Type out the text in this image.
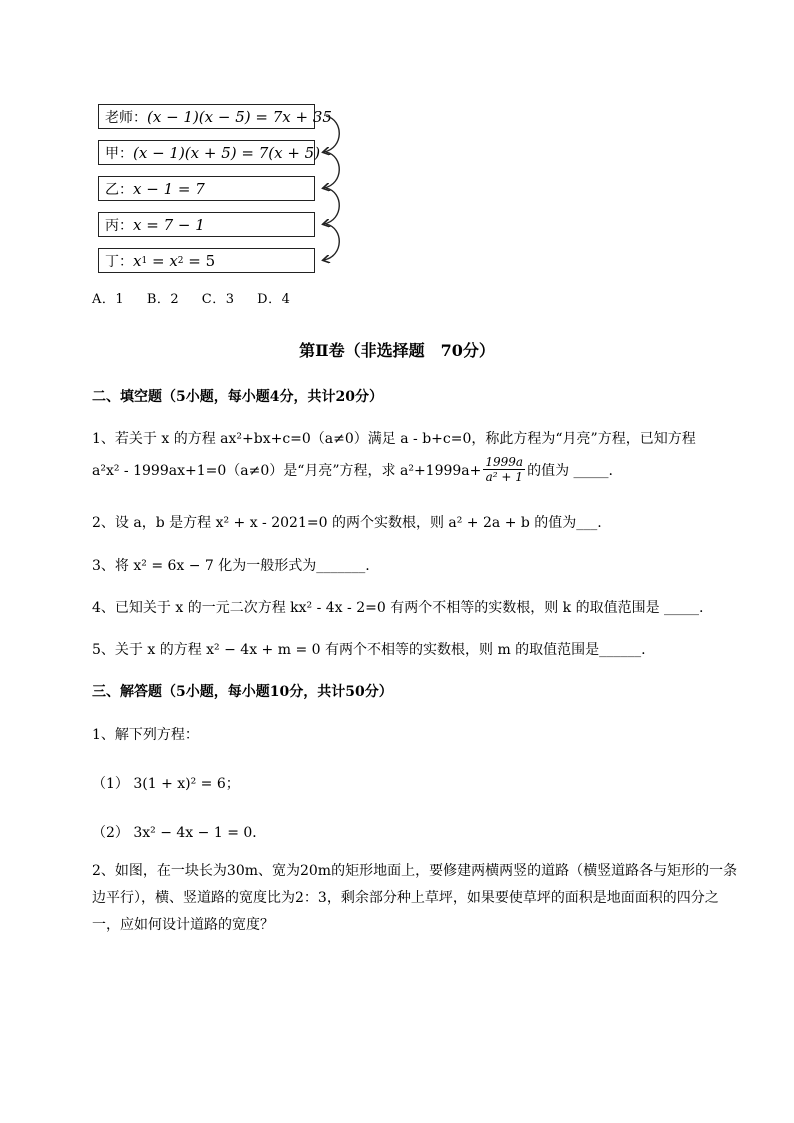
老师： (x − 1)(x − 5) = 7x + 35
甲： (x − 1)(x + 5) = 7(x + 5)
乙： x − 1 = 7
丙： x = 7 − 1
丁： x 1 = x 2 = 5
A．1 B．2 C．3 D．4
第Ⅱ卷（非选择题　70分）
二、填空题（5小题，每小题4分，共计20分）
1、若关于 x 的方程 ax²+bx+c=0（a≠0）满足 a - b+c=0，称此方程为“月亮”方程，已知方程
a²x² - 1999ax+1=0（a≠0）是“月亮”方程，求 $a^2+1999a+ \frac{1999a}{\text{a² + 1}}$ 的值为 _____.
2、设 a，b 是方程 x² + x - 2021=0 的两个实数根，则 a² + 2a + b 的值为___.
3、将 x² = 6x − 7 化为一般形式为_______.
4、已知关于 x 的一元二次方程 kx² - 4x - 2=0 有两个不相等的实数根，则 k 的取值范围是 _____.
5、关于 x 的方程 x² − 4x + m = 0 有两个不相等的实数根，则 m 的取值范围是______.
三、解答题（5小题，每小题10分，共计50分）
1、解下列方程：
（1） 3(1 + x)² = 6；
（2） 3x² − 4x − 1 = 0．
2、如图，在一块长为30m、宽为20m的矩形地面上，要修建两横两竖的道路（横竖道路各与矩形的一条边平行），横、竖道路的宽度比为2：3，剩余部分种上草坪，如果要使草坪的面积是地面面积的四分之一，应如何设计道路的宽度？
